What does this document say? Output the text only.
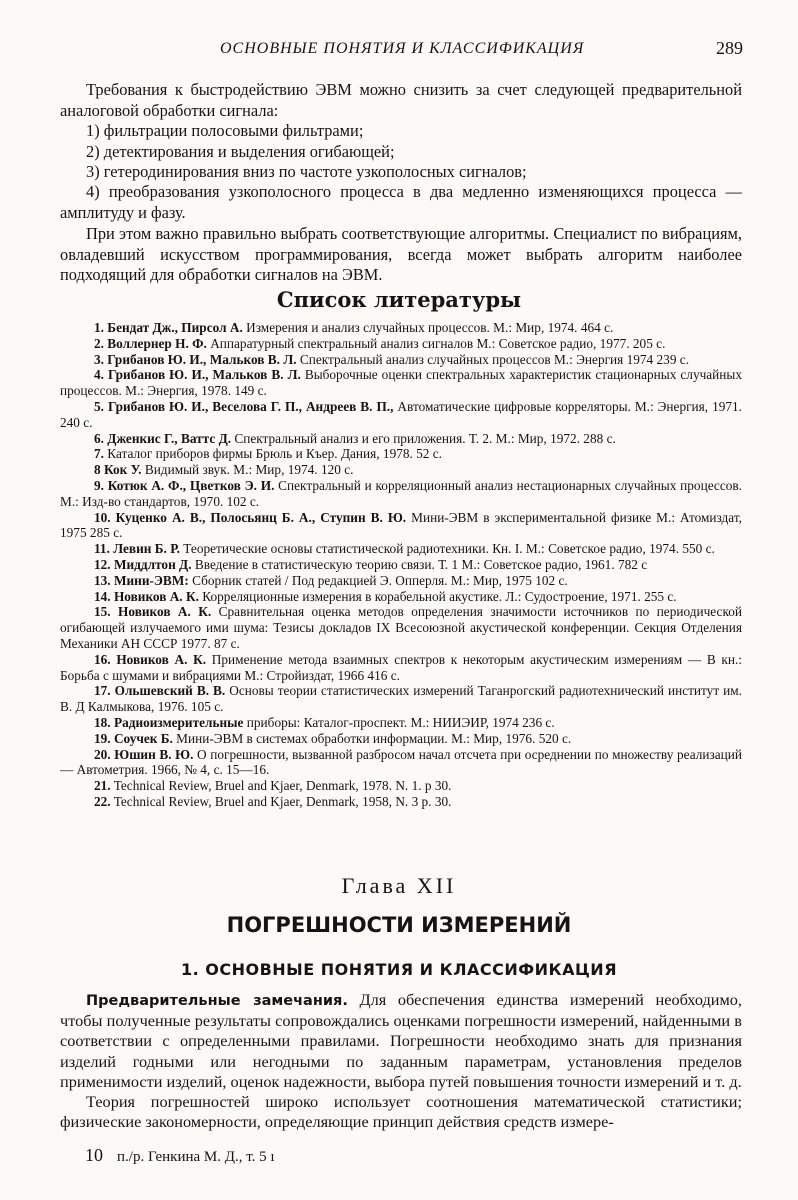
ОСНОВНЫЕ ПОНЯТИЯ И КЛАССИФИКАЦИЯ	289
Требования к быстродействию ЭВМ можно снизить за счет следующей предварительной аналоговой обработки сигнала:
1) фильтрации полосовыми фильтрами;
2) детектирования и выделения огибающей;
3) гетеродинирования вниз по частоте узкополосных сигналов;
4) преобразования узкополосного процесса в два медленно изменяющихся процесса — амплитуду и фазу.
При этом важно правильно выбрать соответствующие алгоритмы. Специалист по вибрациям, овладевший искусством программирования, всегда может выбрать алгоритм наиболее подходящий для обработки сигналов на ЭВМ.
Список литературы
1. Бендат Дж., Пирсол А. Измерения и анализ случайных процессов. М.: Мир, 1974. 464 с.
2. Воллернер Н. Ф. Аппаратурный спектральный анализ сигналов М.: Советское радио, 1977. 205 с.
3. Грибанов Ю. И., Мальков В. Л. Спектральный анализ случайных процессов М.: Энергия 1974 239 с.
4. Грибанов Ю. И., Мальков В. Л. Выборочные оценки спектральных характеристик стационарных случайных процессов. М.: Энергия, 1978. 149 с.
5. Грибанов Ю. И., Веселова Г. П., Андреев В. П., Автоматические цифровые корреляторы. М.: Энергия, 1971. 240 с.
6. Дженкис Г., Ваттс Д. Спектральный анализ и его приложения. Т. 2. М.: Мир, 1972. 288 с.
7. Каталог приборов фирмы Брюль и Къер. Дания, 1978. 52 с.
8 Кок У. Видимый звук. М.: Мир, 1974. 120 с.
9. Котюк А. Ф., Цветков Э. И. Спектральный и корреляционный анализ нестационарных случайных процессов. М.: Изд-во стандартов, 1970. 102 с.
10. Куценко А. В., Полосьянц Б. А., Ступин В. Ю. Мини-ЭВМ в экспериментальной физике М.: Атомиздат, 1975 285 с.
11. Левин Б. Р. Теоретические основы статистической радиотехники. Кн. I. М.: Советское радио, 1974. 550 с.
12. Миддлтон Д. Введение в статистическую теорию связи. Т. 1 М.: Советское радио, 1961. 782 с
13. Мини-ЭВМ: Сборник статей / Под редакцией Э. Опперля. М.: Мир, 1975 102 с.
14. Новиков А. К. Корреляционные измерения в корабельной акустике. Л.: Судостроение, 1971. 255 с.
15. Новиков А. К. Сравнительная оценка методов определения значимости источников по периодической огибающей излучаемого ими шума: Тезисы докладов IX Всесоюзной акустической конференции. Секция Отделения Механики АН СССР 1977. 87 с.
16. Новиков А. К. Применение метода взаимных спектров к некоторым акустическим измерениям — В кн.: Борьба с шумами и вибрациями М.: Стройиздат, 1966 416 с.
17. Ольшевский В. В. Основы теории статистических измерений Таганрогский радиотехнический институт им. В. Д Калмыкова, 1976. 105 с.
18. Радиоизмерительные приборы: Каталог-проспект. М.: НИИЭИР, 1974 236 с.
19. Соучек Б. Мини-ЭВМ в системах обработки информации. М.: Мир, 1976. 520 с.
20. Юшин В. Ю. О погрешности, вызванной разбросом начал отсчета при осреднении по множеству реализаций — Автометрия. 1966, № 4, с. 15—16.
21. Technical Review, Bruel and Kjaer, Denmark, 1978. N. 1. p 30.
22. Technical Review, Bruel and Kjaer, Denmark, 1958, N. 3 p. 30.
Глава XII
ПОГРЕШНОСТИ ИЗМЕРЕНИЙ
1. ОСНОВНЫЕ ПОНЯТИЯ И КЛАССИФИКАЦИЯ

Предварительные замечания. Для обеспечения единства измерений необходимо, чтобы полученные результаты сопровождались оценками погрешности измерений, найденными в соответствии с определенными правилами. Погрешности необходимо знать для признания изделий годными или негодными по заданным параметрам, установления пределов применимости изделий, оценок надежности, выбора путей повышения точности измерений и т. д.

Теория погрешностей широко использует соотношения математической статистики; физические закономерности, определяющие принцип действия средств измере-

10 п./р. Генкина М. Д., т. 5 ı
